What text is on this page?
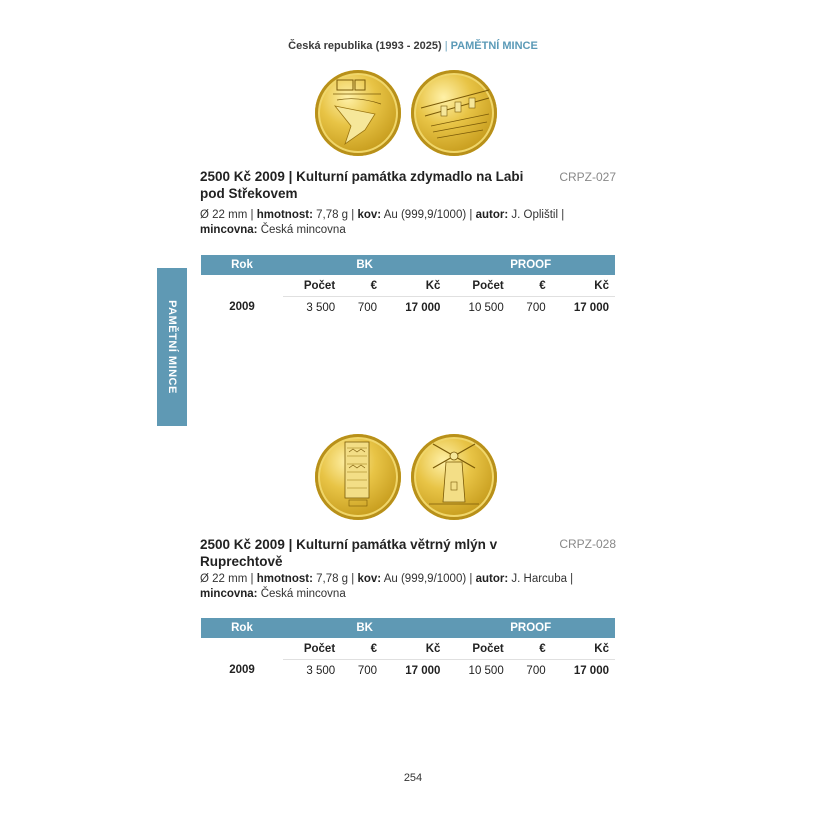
Česká republika (1993 - 2025) | PAMĚTNÍ MINCE
PAMĚTNÍ MINCE
2500 Kč 2009 | Kulturní památka zdymadlo na Labi pod Střekovem
CRPZ-027
Ø 22 mm | hmotnost: 7,78 g | kov: Au (999,9/1000) | autor: J. Oplištil |
mincovna: Česká mincovna
Rok	BK			PROOF		
	Počet	€	Kč	Počet	€	Kč
2009	3 500	700	17 000	10 500	700	17 000
2500 Kč 2009 | Kulturní památka větrný mlýn v Ruprechtově
CRPZ-028
Ø 22 mm | hmotnost: 7,78 g | kov: Au (999,9/1000) | autor: J. Harcuba |
mincovna: Česká mincovna
Rok	BK			PROOF		
	Počet	€	Kč	Počet	€	Kč
2009	3 500	700	17 000	10 500	700	17 000
254
